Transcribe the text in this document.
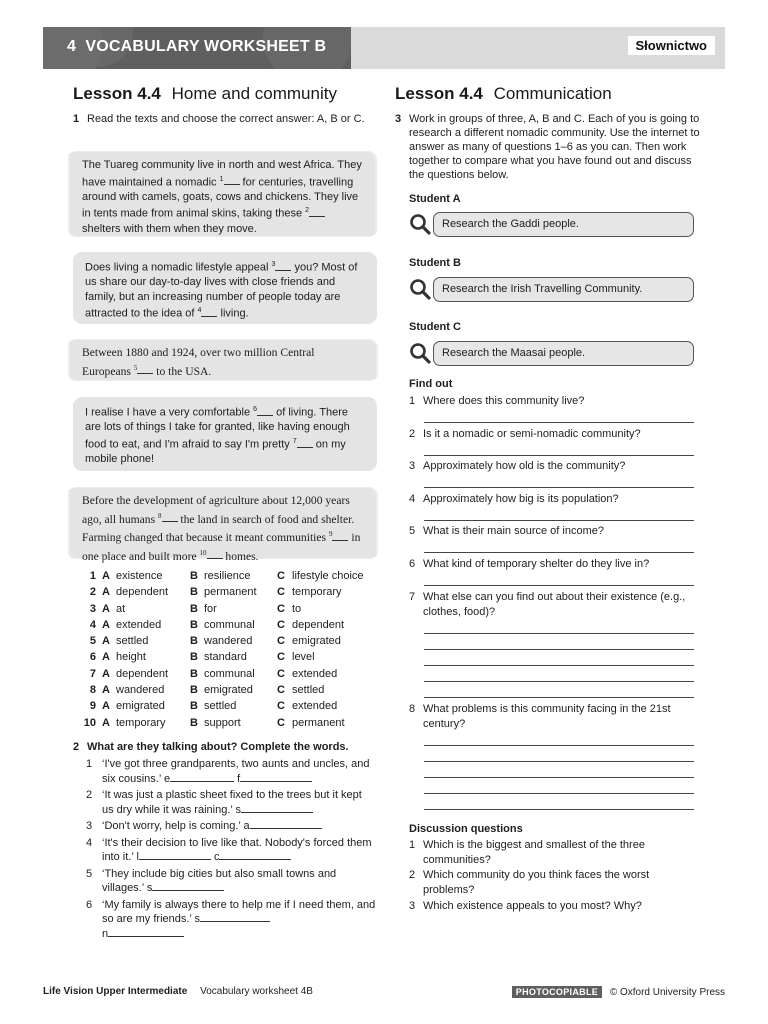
4  VOCABULARY WORKSHEET B	Słownictwo
Lesson 4.4 Home and community
1 Read the texts and choose the correct answer: A, B or C.
The Tuareg community live in north and west Africa. They have maintained a nomadic $^1$ for centuries, travelling around with camels, goats, cows and chickens. They live in tents made from animal skins, taking these $^2$ shelters with them when they move.
Does living a nomadic lifestyle appeal $^3$ you? Most of us share our day-to-day lives with close friends and family, but an increasing number of people today are attracted to the idea of $^4$ living.
Between 1880 and 1924, over two million Central Europeans $^5$ to the USA.
I realise I have a very comfortable $^6$ of living. There are lots of things I take for granted, like having enough food to eat, and I'm afraid to say I'm pretty $^7$ on my mobile phone!
Before the development of agriculture about 12,000 years ago, all humans $^8$ the land in search of food and shelter. Farming changed that because it meant communities $^9$ in one place and built more $^{10}$ homes.
1 A existence	B resilience C lifestyle choice
2 A dependent B permanent C temporary
3 A at	B for	C to
4 A extended	B communal C dependent
5 A settled	B wandered C emigrated
6 A height	B standard	C level
7 A dependent B communal C extended
8 A wandered B emigrated C settled
9 A emigrated B settled	C extended
10 A temporary B support	C permanent
2 What are they talking about? Complete the words.
1 ‘I've got three grandparents, two aunts and uncles, and six cousins.’ e	f
2 ‘It was just a plastic sheet fixed to the trees but it kept us dry while it was raining.’ s
3 ‘Don't worry, help is coming.’ a
4 ‘It's their decision to live like that. Nobody's forced them into it.’ l	c
5 ‘They include big cities but also small towns and villages.’ s
6 ‘My family is always there to help me if I need them, and so are my friends.’ s
n
Lesson 4.4 Communication
3 Work in groups of three, A, B and C. Each of you is going to research a different nomadic community. Use the internet to answer as many of questions 1–6 as you can. Then work together to compare what you have found out and discuss the questions below.
Student A
Research the Gaddi people.
Student B
Research the Irish Travelling Community.
Student C
Research the Maasai people.
Find out
1 Where does this community live?
2 Is it a nomadic or semi-nomadic community?
3 Approximately how old is the community?
4 Approximately how big is its population?
5 What is their main source of income?
6 What kind of temporary shelter do they live in?
7 What else can you find out about their existence (e.g., clothes, food)?
8 What problems is this community facing in the 21st century?
Discussion questions
1 Which is the biggest and smallest of the three communities?
2 Which community do you think faces the worst problems?
3 Which existence appeals to you most? Why?
Life Vision Upper Intermediate Vocabulary worksheet 4B	PHOTOCOPIABLE © Oxford University Press
